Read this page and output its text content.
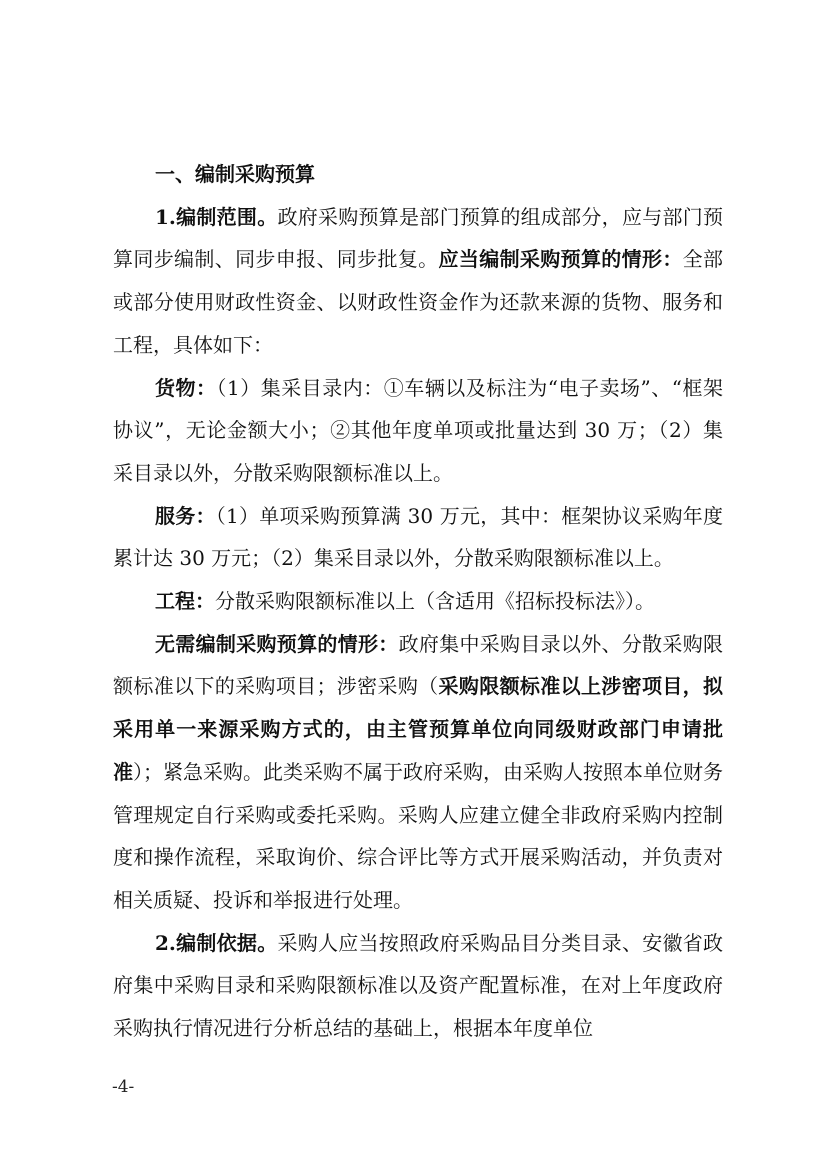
一、编制采购预算

1.编制范围。政府采购预算是部门预算的组成部分，应与部门预算同步编制、同步申报、同步批复。应当编制采购预算的情形：全部或部分使用财政性资金、以财政性资金作为还款来源的货物、服务和工程，具体如下：

货物：（1）集采目录内：①车辆以及标注为“电子卖场”、“框架协议”，无论金额大小；②其他年度单项或批量达到 30 万；（2）集采目录以外，分散采购限额标准以上。

服务：（1）单项采购预算满 30 万元，其中：框架协议采购年度累计达 30 万元；（2）集采目录以外，分散采购限额标准以上。

工程：分散采购限额标准以上（含适用《招标投标法》）。

无需编制采购预算的情形：政府集中采购目录以外、分散采购限额标准以下的采购项目；涉密采购（采购限额标准以上涉密项目，拟采用单一来源采购方式的，由主管预算单位向同级财政部门申请批准）；紧急采购。此类采购不属于政府采购，由采购人按照本单位财务管理规定自行采购或委托采购。采购人应建立健全非政府采购内控制度和操作流程，采取询价、综合评比等方式开展采购活动，并负责对相关质疑、投诉和举报进行处理。

2.编制依据。采购人应当按照政府采购品目分类目录、安徽省政府集中采购目录和采购限额标准以及资产配置标准，在对上年度政府采购执行情况进行分析总结的基础上，根据本年度单位

-4-
